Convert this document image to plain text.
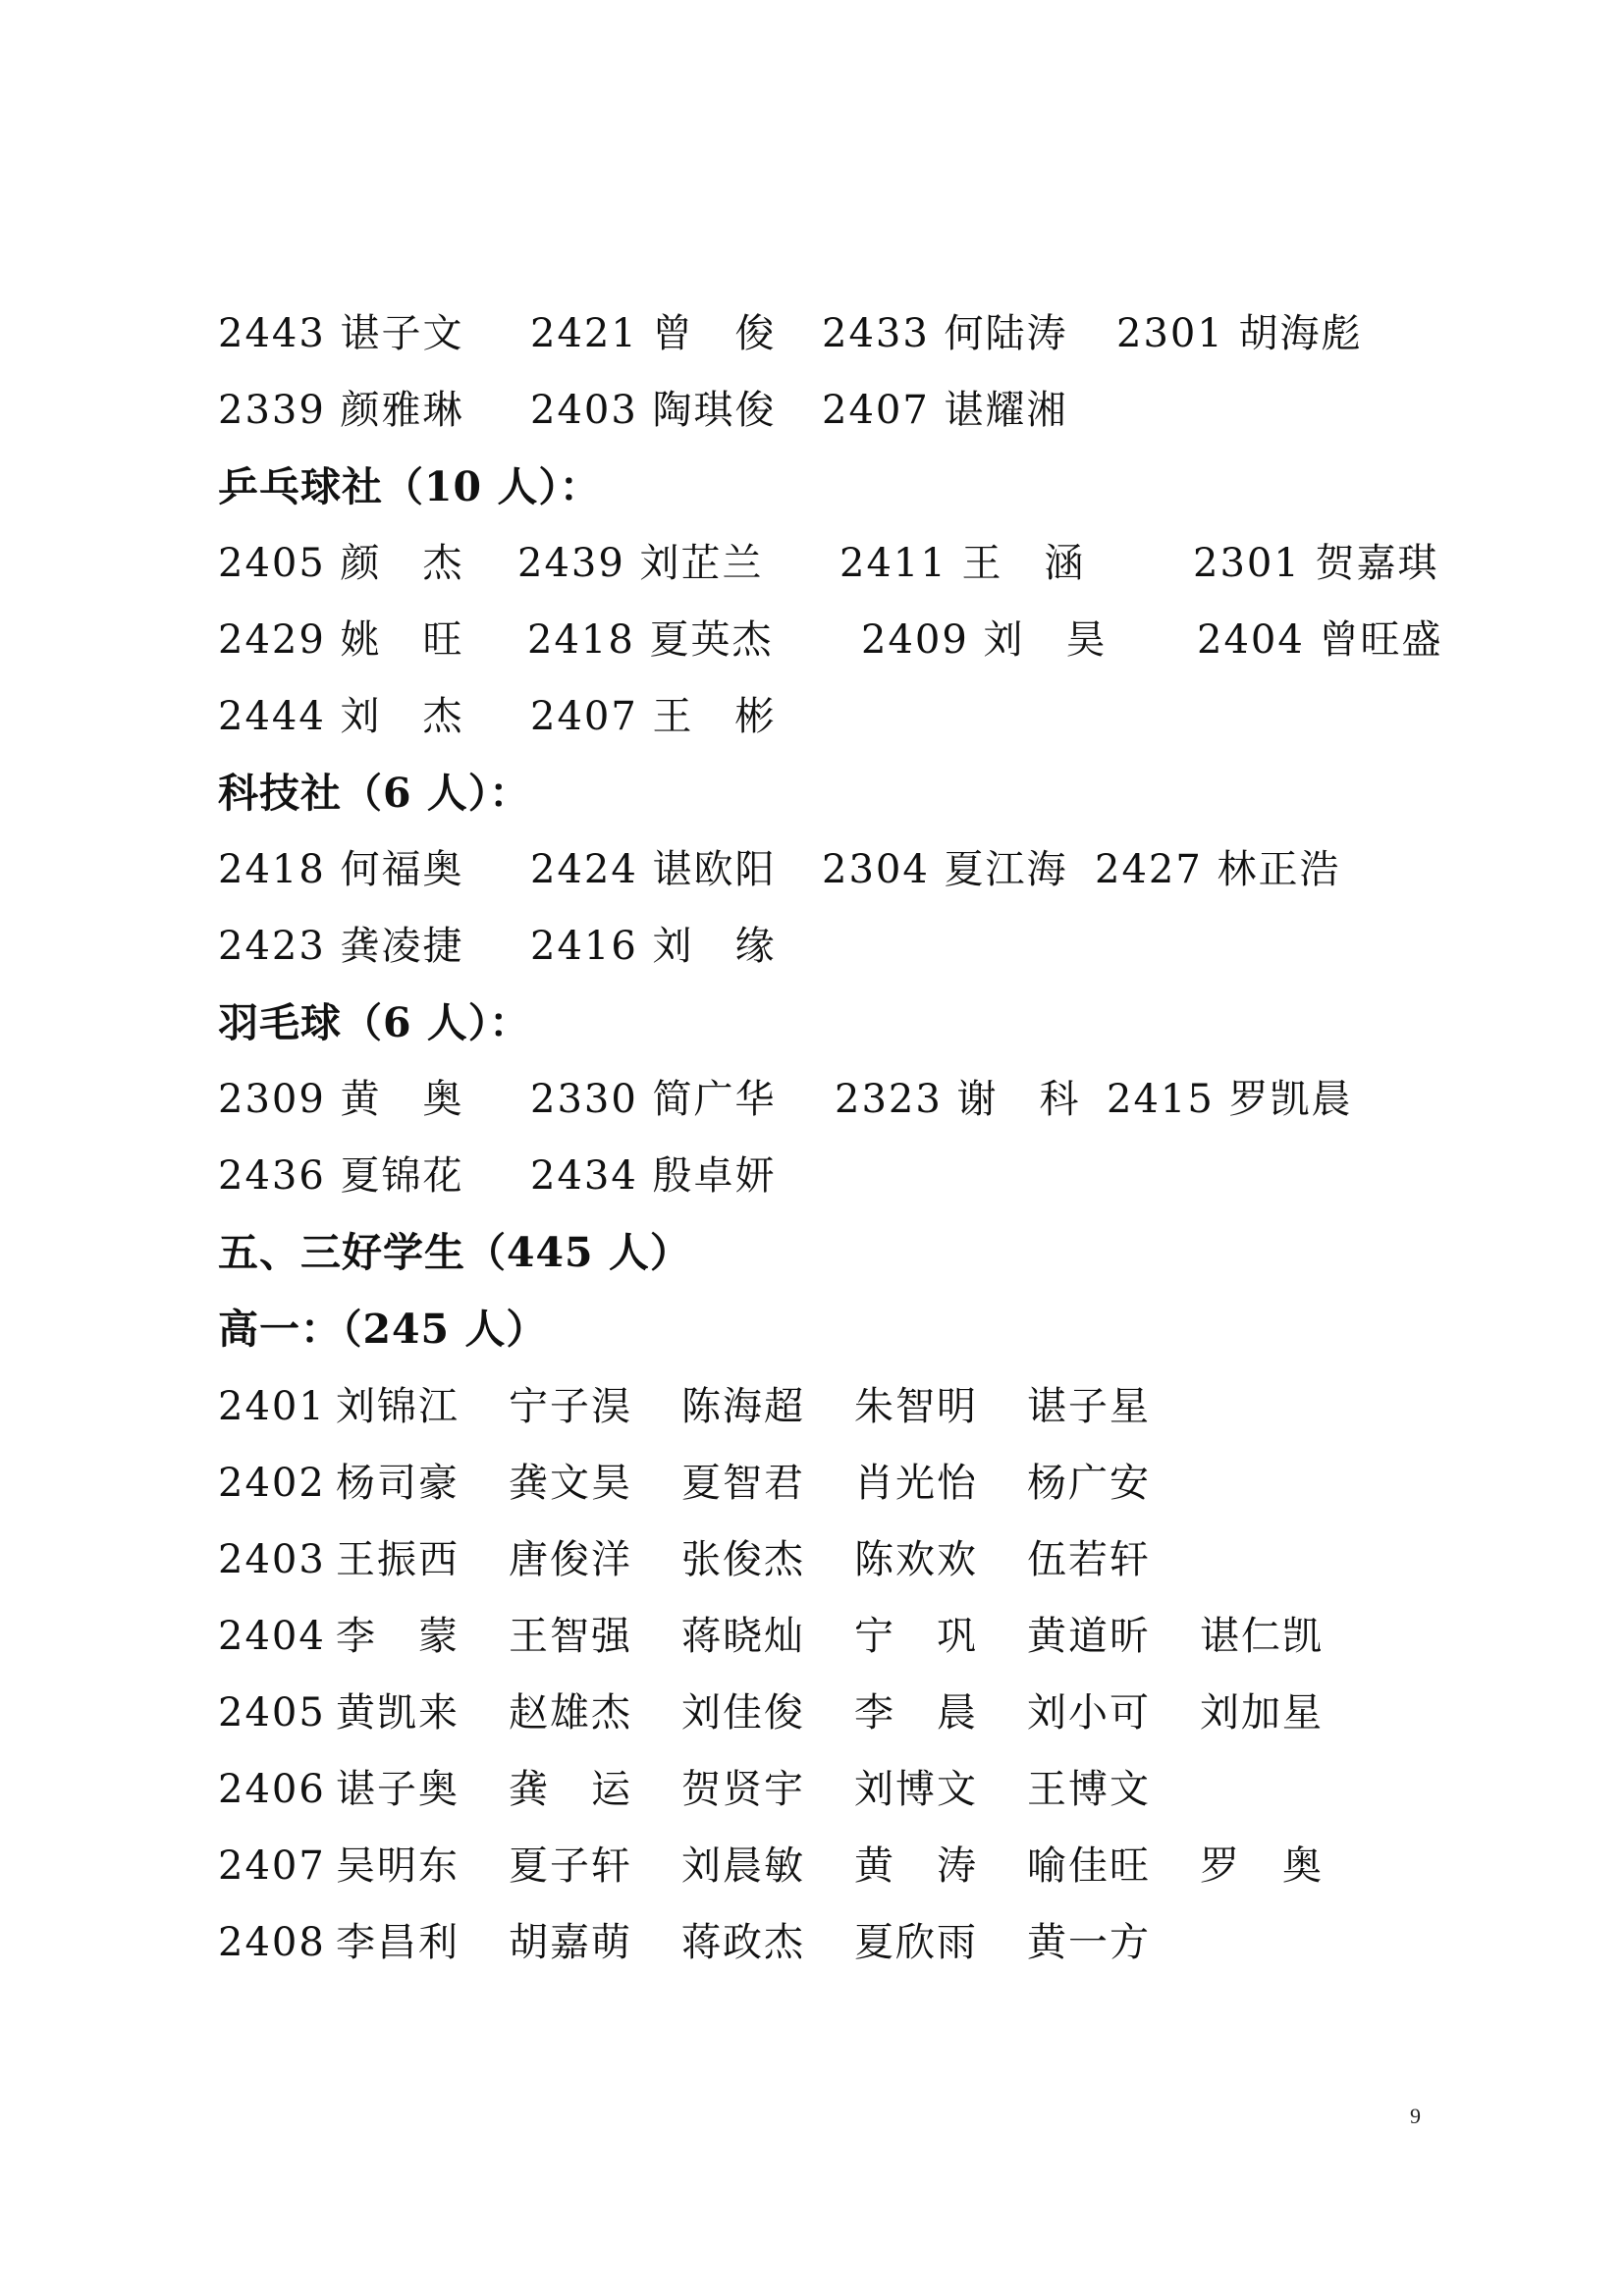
2443 谌子文 2421 曾　俊 2433 何陆涛 2301 胡海彪
2339 颜雅琳 2403 陶琪俊 2407 谌耀湘
乒乓球社（10 人）：
2405 颜　杰 2439 刘芷兰 2411 王　涵	2301 贺嘉琪
2429 姚　旺 2418 夏英杰 2409 刘　昊 2404 曾旺盛
2444 刘　杰 2407 王　彬
科技社（6 人）：
2418 何福奥 2424 谌欧阳 2304 夏江海 2427 林正浩
2423 龚凌捷 2416 刘　缘
羽毛球（6 人）：
2309 黄　奥 2330 简广华 2323 谢　科 2415 罗凯晨
2436 夏锦花 2434 殷卓妍
五、三好学生（445 人）
高一：（245 人）
2401 刘锦江 宁子淏 陈海超 朱智明 谌子星
2402 杨司豪 龚文昊 夏智君 肖光怡 杨广安
2403 王振西 唐俊洋 张俊杰 陈欢欢 伍若轩
2404 李　蒙 王智强 蒋晓灿 宁　巩 黄道昕 谌仁凯
2405 黄凯来 赵雄杰 刘佳俊 李　晨 刘小可 刘加星
2406 谌子奥 龚　运 贺贤宇 刘博文 王博文
2407 吴明东 夏子轩 刘晨敏 黄　涛 喻佳旺 罗　奥
2408 李昌利 胡嘉萌 蒋政杰 夏欣雨 黄一方
9
